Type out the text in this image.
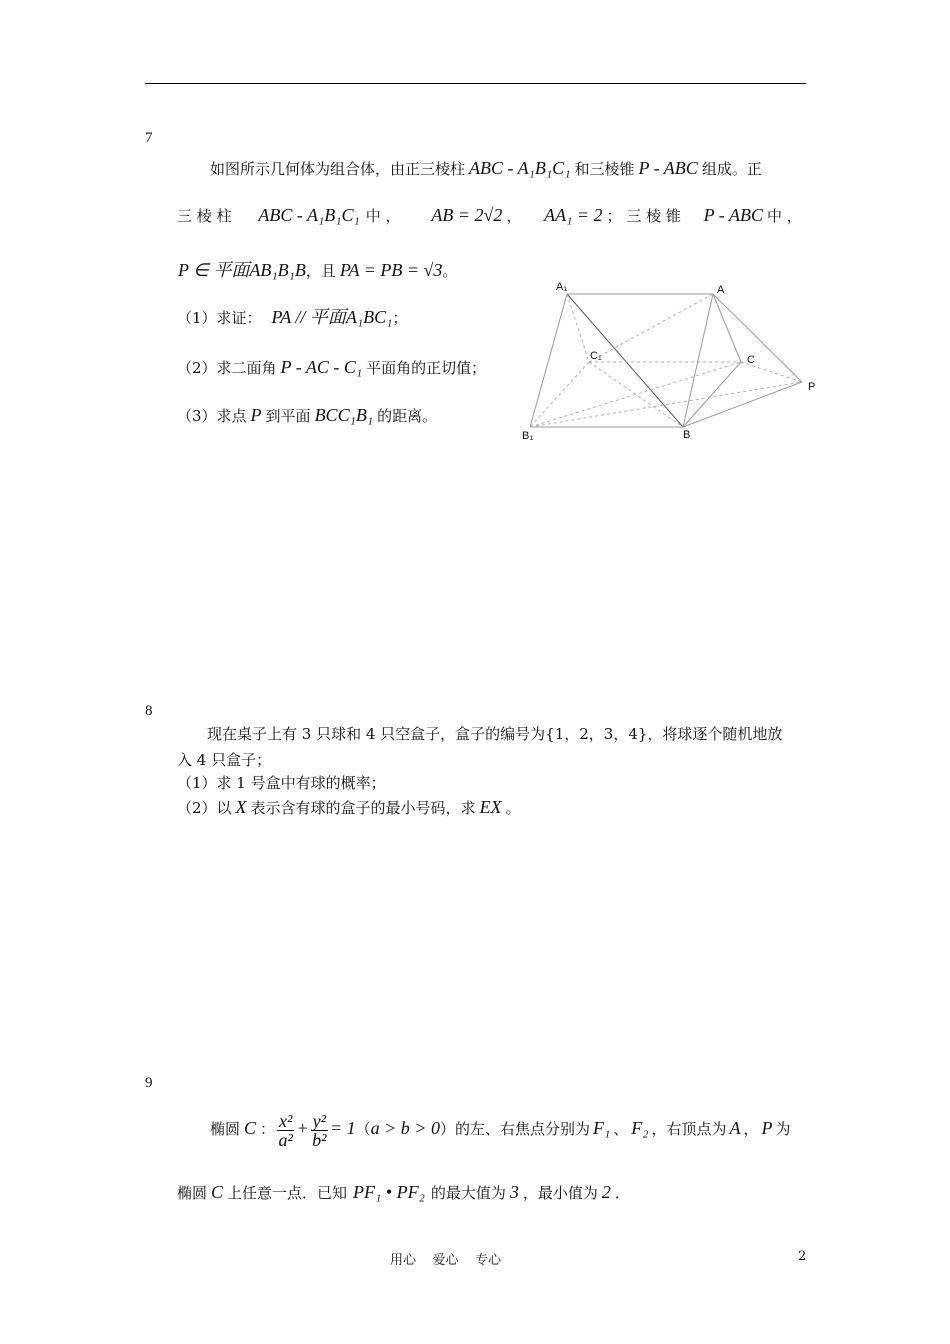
7
如图所示几何体为组合体，由正三棱柱 ABC - A₁B₁C₁ 和三棱锥 P - ABC 组成。正
三 棱 柱 ABC - A₁B₁C₁ 中 ， AB = 2√2 ， AA₁ = 2 ； 三 棱 锥 P - ABC 中 ，
P ∈ 平面AB₁B₁B，且 PA = PB = √3。
（1）求证： PA // 平面A₁BC₁；
（2）求二面角 P - AC - C₁ 平面角的正切值；
（3）求点 P 到平面 BCC₁B₁ 的距离。
A₁	A
C₁	C
P
B₁	B
8
现在桌子上有 3 只球和 4 只空盒子，盒子的编号为{1，2，3，4}，将球逐个随机地放
入 4 只盒子；
（1）求 1 号盒中有球的概率；
（2）以 X 表示含有球的盒子的最小号码，求 EX 。
9
椭圆 C ： $\frac{\text{x²}}{\text{a²}} + \frac{\text{y²}}{\text{b²}} = 1(a > b > 0)$的左、右焦点分别为 F₁ 、 F₂ ，右顶点为 A ， P 为
椭圆 C 上任意一点．已知 PF₁ • PF₂ 的最大值为 3 ，最小值为 2 ．
用心    爱心    专心	2
